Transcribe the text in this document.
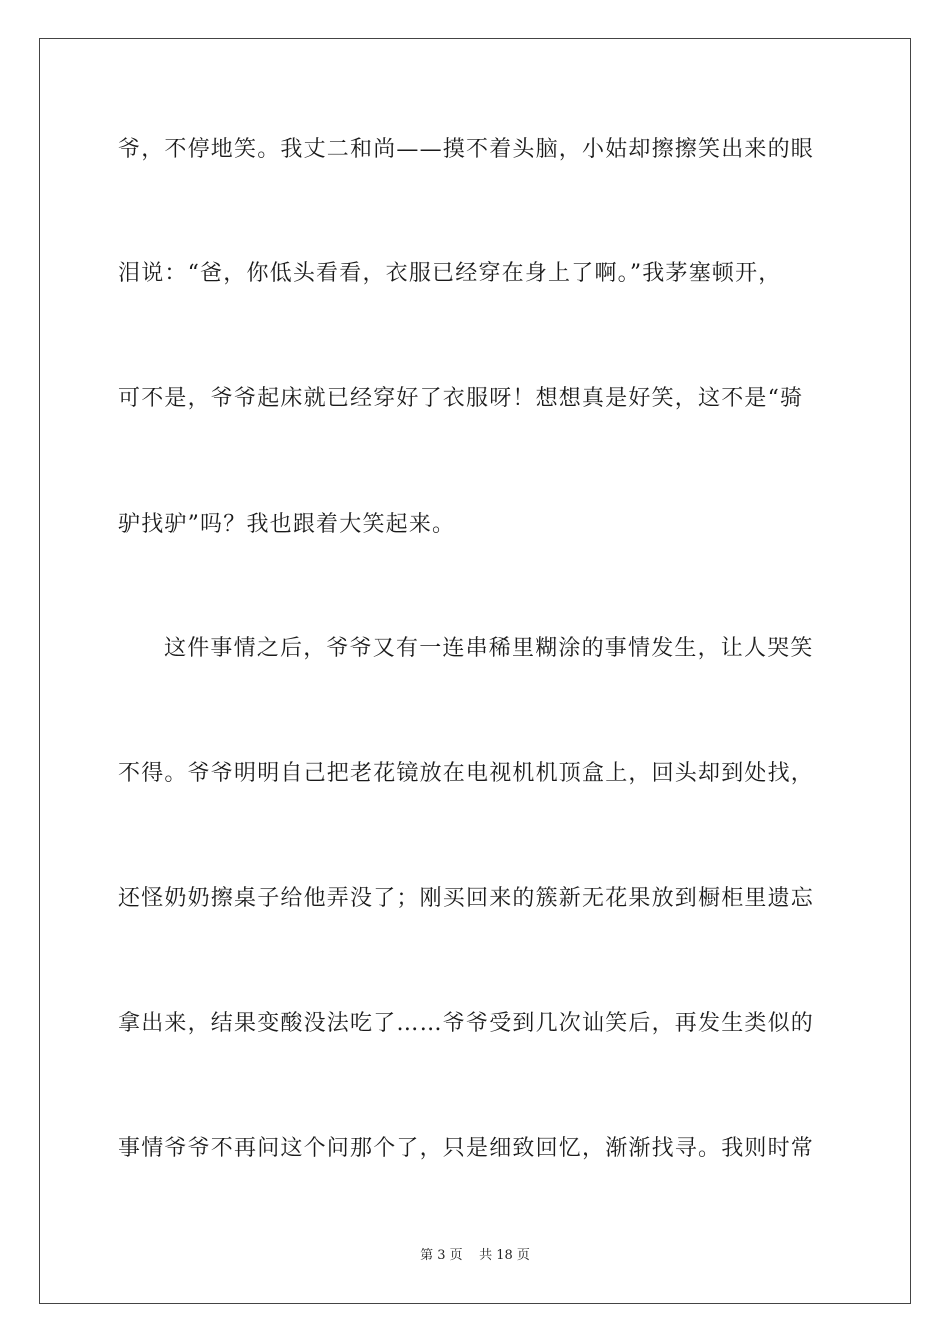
爷，不停地笑。我丈二和尚——摸不着头脑，小姑却擦擦笑出来的眼
泪说：“爸，你低头看看，衣服已经穿在身上了啊。”我茅塞顿开，
可不是，爷爷起床就已经穿好了衣服呀！想想真是好笑，这不是“骑
驴找驴”吗？我也跟着大笑起来。
这件事情之后，爷爷又有一连串稀里糊涂的事情发生，让人哭笑
不得。爷爷明明自己把老花镜放在电视机机顶盒上，回头却到处找，
还怪奶奶擦桌子给他弄没了；刚买回来的簇新无花果放到橱柜里遗忘
拿出来，结果变酸没法吃了……爷爷受到几次讪笑后，再发生类似的
事情爷爷不再问这个问那个了，只是细致回忆，渐渐找寻。我则时常
第 3 页    共 18 页
